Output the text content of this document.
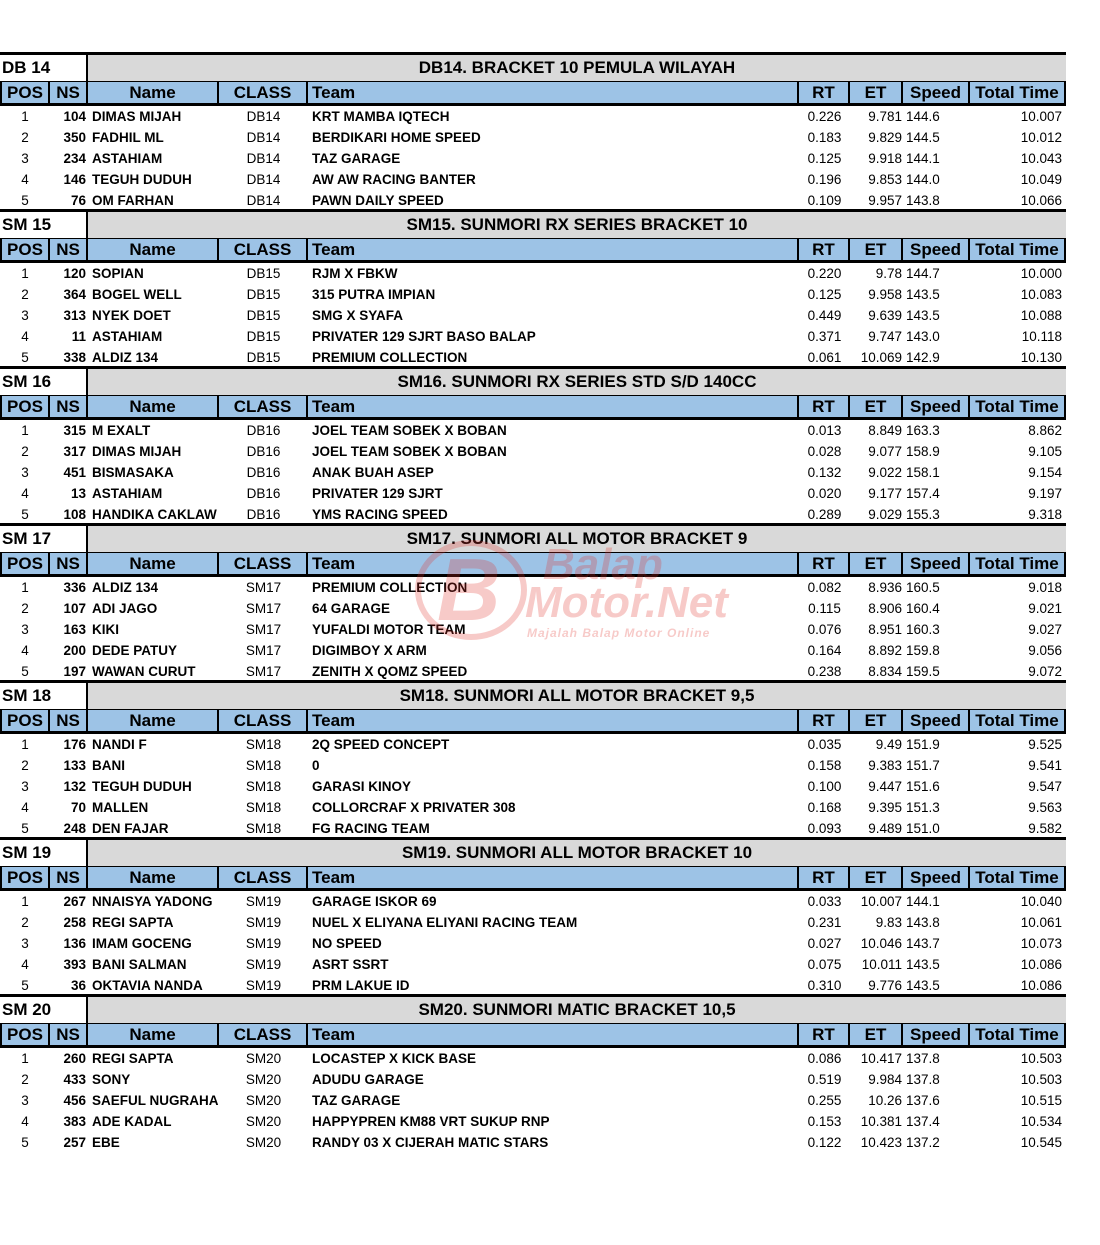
DB 14	DB14. BRACKET 10 PEMULA WILAYAH
POS NS	Name	CLASS	Team	RT	ET	Speed Total Time
1	104 DIMAS MIJAH	DB14	KRT MAMBA IQTECH	0.226	9.781 144.6	10.007
2	350 FADHIL ML	DB14	BERDIKARI HOME SPEED	0.183	9.829 144.5	10.012
3	234 ASTAHIAM	DB14	TAZ GARAGE	0.125	9.918 144.1	10.043
4	146 TEGUH DUDUH	DB14	AW AW RACING BANTER	0.196	9.853 144.0	10.049
5	76 OM FARHAN	DB14	PAWN DAILY SPEED	0.109	9.957 143.8	10.066
SM 15	SM15. SUNMORI RX SERIES BRACKET 10
POS NS	Name	CLASS	Team	RT	ET	Speed Total Time
1	120 SOPIAN	DB15	RJM X FBKW	0.220	9.78 144.7	10.000
2	364 BOGEL WELL	DB15	315 PUTRA IMPIAN	0.125	9.958 143.5	10.083
3	313 NYEK DOET	DB15	SMG X SYAFA	0.449	9.639 143.5	10.088
4	11 ASTAHIAM	DB15	PRIVATER 129 SJRT BASO BALAP	0.371	9.747 143.0	10.118
5	338 ALDIZ 134	DB15	PREMIUM COLLECTION	0.061	10.069 142.9	10.130
SM 16	SM16. SUNMORI RX SERIES STD S/D 140CC
POS NS	Name	CLASS	Team	RT	ET	Speed Total Time
1	315 M EXALT	DB16	JOEL TEAM SOBEK X BOBAN	0.013	8.849 163.3	8.862
2	317 DIMAS MIJAH	DB16	JOEL TEAM SOBEK X BOBAN	0.028	9.077 158.9	9.105
3	451 BISMASAKA	DB16	ANAK BUAH ASEP	0.132	9.022 158.1	9.154
4	13 ASTAHIAM	DB16	PRIVATER 129 SJRT	0.020	9.177 157.4	9.197
5	108 HANDIKA CAKLAW	DB16	YMS RACING SPEED	0.289	9.029 155.3	9.318
SM 17	SM17. SUNMORI ALL MOTOR BRACKET 9
POS NS	Name	CLASS	Team	RT	ET	Speed Total Time
1	336 ALDIZ 134	SM17	PREMIUM COLLECTION	0.082	8.936 160.5	9.018
2	107 ADI JAGO	SM17	64 GARAGE	0.115	8.906 160.4	9.021
3	163 KIKI	SM17	YUFALDI MOTOR TEAM	0.076	8.951 160.3	9.027
4	200 DEDE PATUY	SM17	DIGIMBOY X ARM	0.164	8.892 159.8	9.056
5	197 WAWAN CURUT	SM17	ZENITH X QOMZ SPEED	0.238	8.834 159.5	9.072
SM 18	SM18. SUNMORI ALL MOTOR BRACKET 9,5
POS NS	Name	CLASS	Team	RT	ET	Speed Total Time
1	176 NANDI F	SM18	2Q SPEED CONCEPT	0.035	9.49 151.9	9.525
2	133 BANI	SM18	0	0.158	9.383 151.7	9.541
3	132 TEGUH DUDUH	SM18	GARASI KINOY	0.100	9.447 151.6	9.547
4	70 MALLEN	SM18	COLLORCRAF X PRIVATER 308	0.168	9.395 151.3	9.563
5	248 DEN FAJAR	SM18	FG RACING TEAM	0.093	9.489 151.0	9.582
SM 19	SM19. SUNMORI ALL MOTOR BRACKET 10
POS NS	Name	CLASS	Team	RT	ET	Speed Total Time
1	267 NNAISYA YADONG	SM19	GARAGE ISKOR 69	0.033	10.007 144.1	10.040
2	258 REGI SAPTA	SM19	NUEL X ELIYANA ELIYANI RACING TEAM	0.231	9.83 143.8	10.061
3	136 IMAM GOCENG	SM19	NO SPEED	0.027	10.046 143.7	10.073
4	393 BANI SALMAN	SM19	ASRT SSRT	0.075	10.011 143.5	10.086
5	36 OKTAVIA NANDA	SM19	PRM LAKUE ID	0.310	9.776 143.5	10.086
SM 20	SM20. SUNMORI MATIC BRACKET 10,5
POS NS	Name	CLASS	Team	RT	ET	Speed Total Time
1	260 REGI SAPTA	SM20	LOCASTEP X KICK BASE	0.086	10.417 137.8	10.503
2	433 SONY	SM20	ADUDU GARAGE	0.519	9.984 137.8	10.503
3	456 SAEFUL NUGRAHA	SM20	TAZ GARAGE	0.255	10.26 137.6	10.515
4	383 ADE KADAL	SM20	HAPPYPREN KM88 VRT SUKUP RNP	0.153	10.381 137.4	10.534
5	257 EBE	SM20	RANDY 03 X CIJERAH MATIC STARS	0.122	10.423 137.2	10.545
B Balap
Motor.Net
Majalah Balap Motor Online
